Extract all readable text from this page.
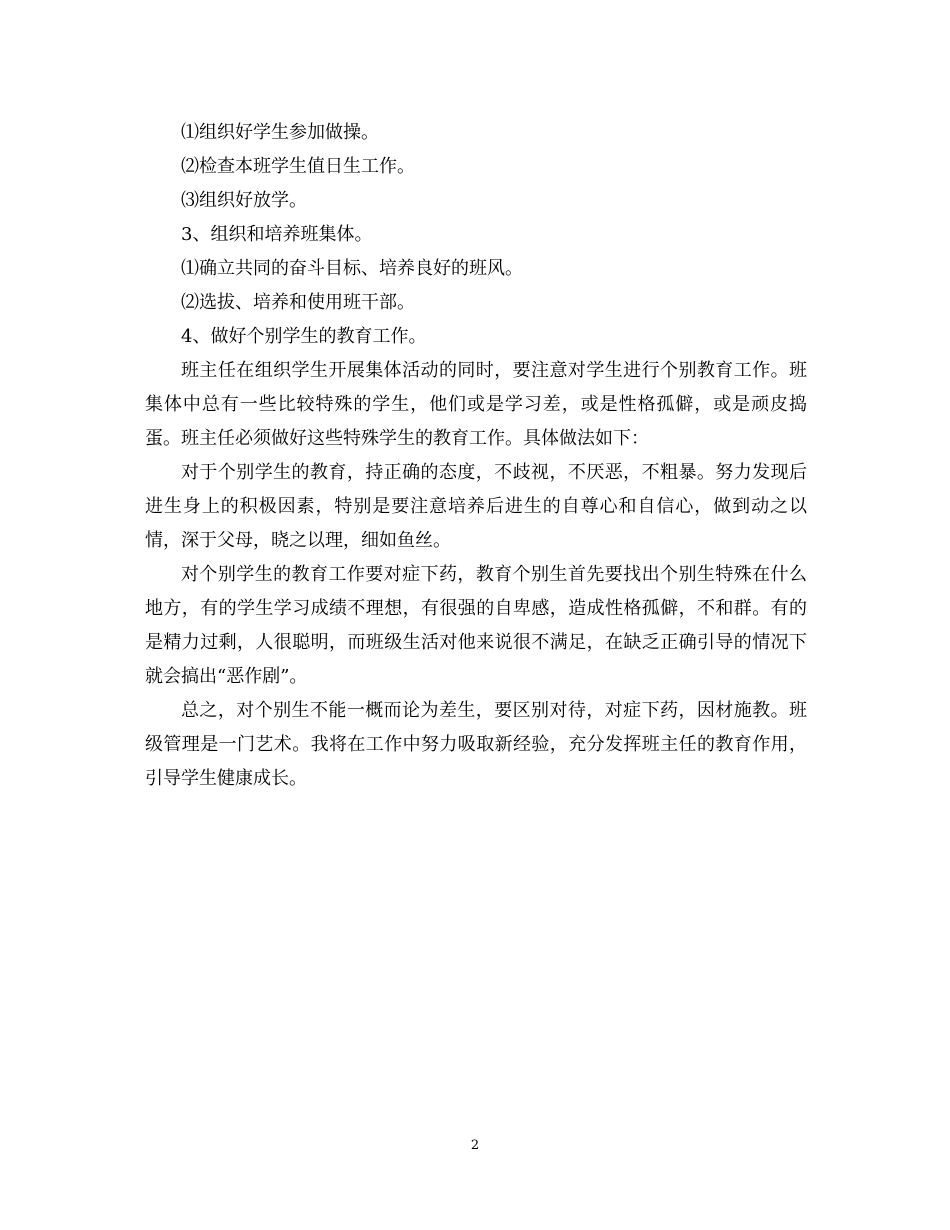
⑴组织好学生参加做操。

⑵检查本班学生值日生工作。

⑶组织好放学。

3、组织和培养班集体。

⑴确立共同的奋斗目标、培养良好的班风。

⑵选拔、培养和使用班干部。

4、做好个别学生的教育工作。

班主任在组织学生开展集体活动的同时，要注意对学生进行个别教育工作。班集体中总有一些比较特殊的学生，他们或是学习差，或是性格孤僻，或是顽皮捣蛋。班主任必须做好这些特殊学生的教育工作。具体做法如下：

对于个别学生的教育，持正确的态度，不歧视，不厌恶，不粗暴。努力发现后进生身上的积极因素，特别是要注意培养后进生的自尊心和自信心，做到动之以情，深于父母，晓之以理，细如鱼丝。

对个别学生的教育工作要对症下药，教育个别生首先要找出个别生特殊在什么地方，有的学生学习成绩不理想，有很强的自卑感，造成性格孤僻，不和群。有的是精力过剩，人很聪明，而班级生活对他来说很不满足，在缺乏正确引导的情况下就会搞出“恶作剧”。

总之，对个别生不能一概而论为差生，要区别对待，对症下药，因材施教。班级管理是一门艺术。我将在工作中努力吸取新经验，充分发挥班主任的教育作用，引导学生健康成长。

2
